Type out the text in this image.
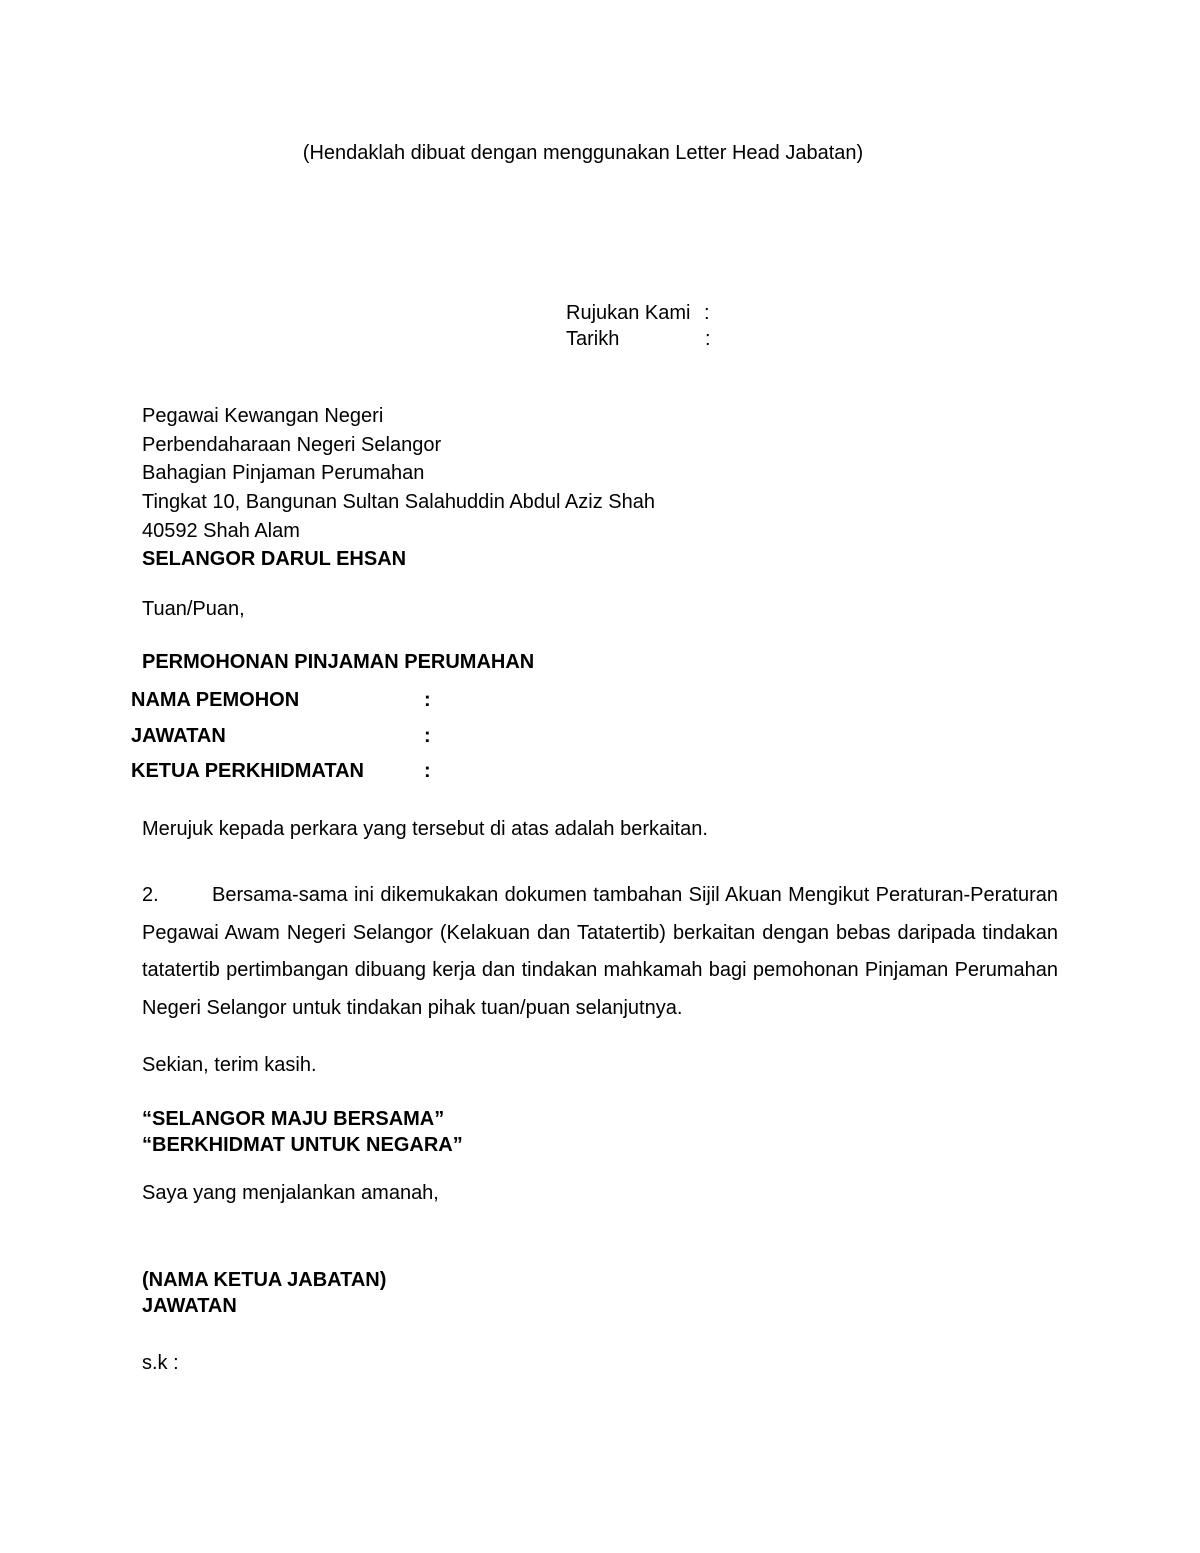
(Hendaklah dibuat dengan menggunakan Letter Head Jabatan)
Rujukan Kami :
Tarikh	:
Pegawai Kewangan Negeri
Perbendaharaan Negeri Selangor
Bahagian Pinjaman Perumahan
Tingkat 10, Bangunan Sultan Salahuddin Abdul Aziz Shah
40592 Shah Alam
SELANGOR DARUL EHSAN
Tuan/Puan,
PERMOHONAN PINJAMAN PERUMAHAN
NAMA PEMOHON	:
JAWATAN	:
KETUA PERKHIDMATAN	:
Merujuk kepada perkara yang tersebut di atas adalah berkaitan.
2.	Bersama-sama ini dikemukakan dokumen tambahan Sijil Akuan Mengikut Peraturan-Peraturan Pegawai Awam Negeri Selangor (Kelakuan dan Tatatertib) berkaitan dengan bebas daripada tindakan tatatertib pertimbangan dibuang kerja dan tindakan mahkamah bagi pemohonan Pinjaman Perumahan Negeri Selangor untuk tindakan pihak tuan/puan selanjutnya.
Sekian, terim kasih.
“SELANGOR MAJU BERSAMA”
“BERKHIDMAT UNTUK NEGARA”
Saya yang menjalankan amanah,
(NAMA KETUA JABATAN)
JAWATAN
s.k :
